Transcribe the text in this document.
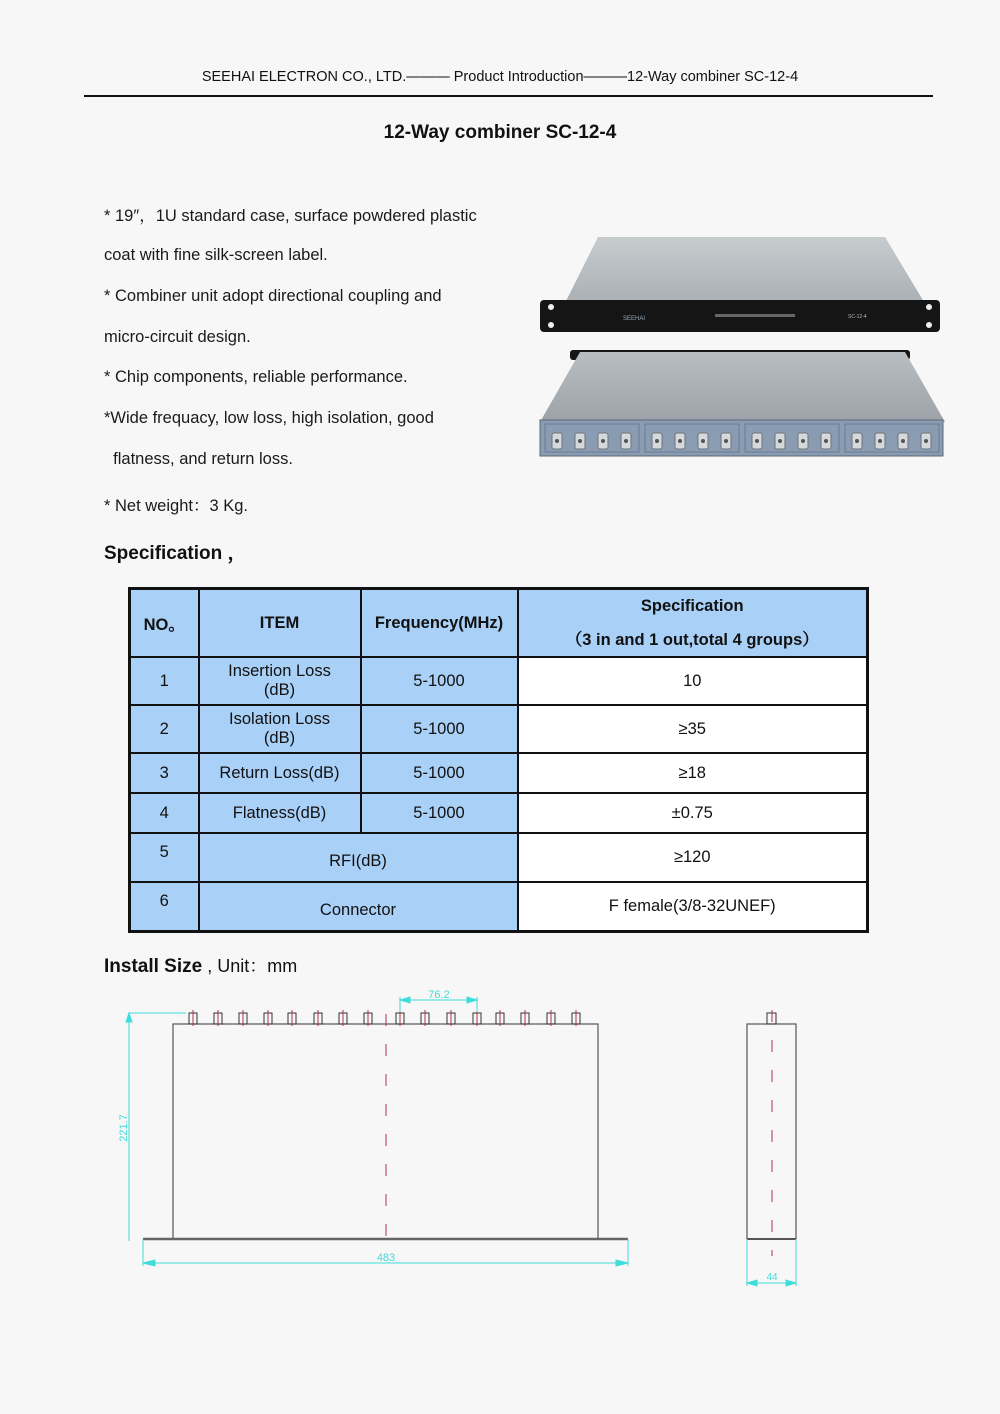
SEEHAI ELECTRON CO., LTD.——— Product Introduction———12-Way combiner SC-12-4
12-Way combiner SC-12-4
* 19″，1U standard case, surface powdered plastic
coat with fine silk-screen label.
* Combiner unit adopt directional coupling and
micro-circuit design.
* Chip components, reliable performance.
*Wide frequacy, low loss, high isolation, good
flatness, and return loss.
* Net weight：3 Kg.
SEEHAI	SC-12-4
Specification ，
NO。	ITEM	Frequency(MHz)	Specification
（3 in and 1 out,total 4 groups）

1	Insertion Loss
(dB)	5-1000	10
2	Isolation Loss
(dB)	5-1000	≥35
3	Return Loss(dB)	5-1000	≥18
4	Flatness(dB)	5-1000	±0.75
5	RFI(dB)		≥120
6	Connector		F female(3/8-32UNEF)
Install Size , Unit：mm
221.7
483
76.2
44
